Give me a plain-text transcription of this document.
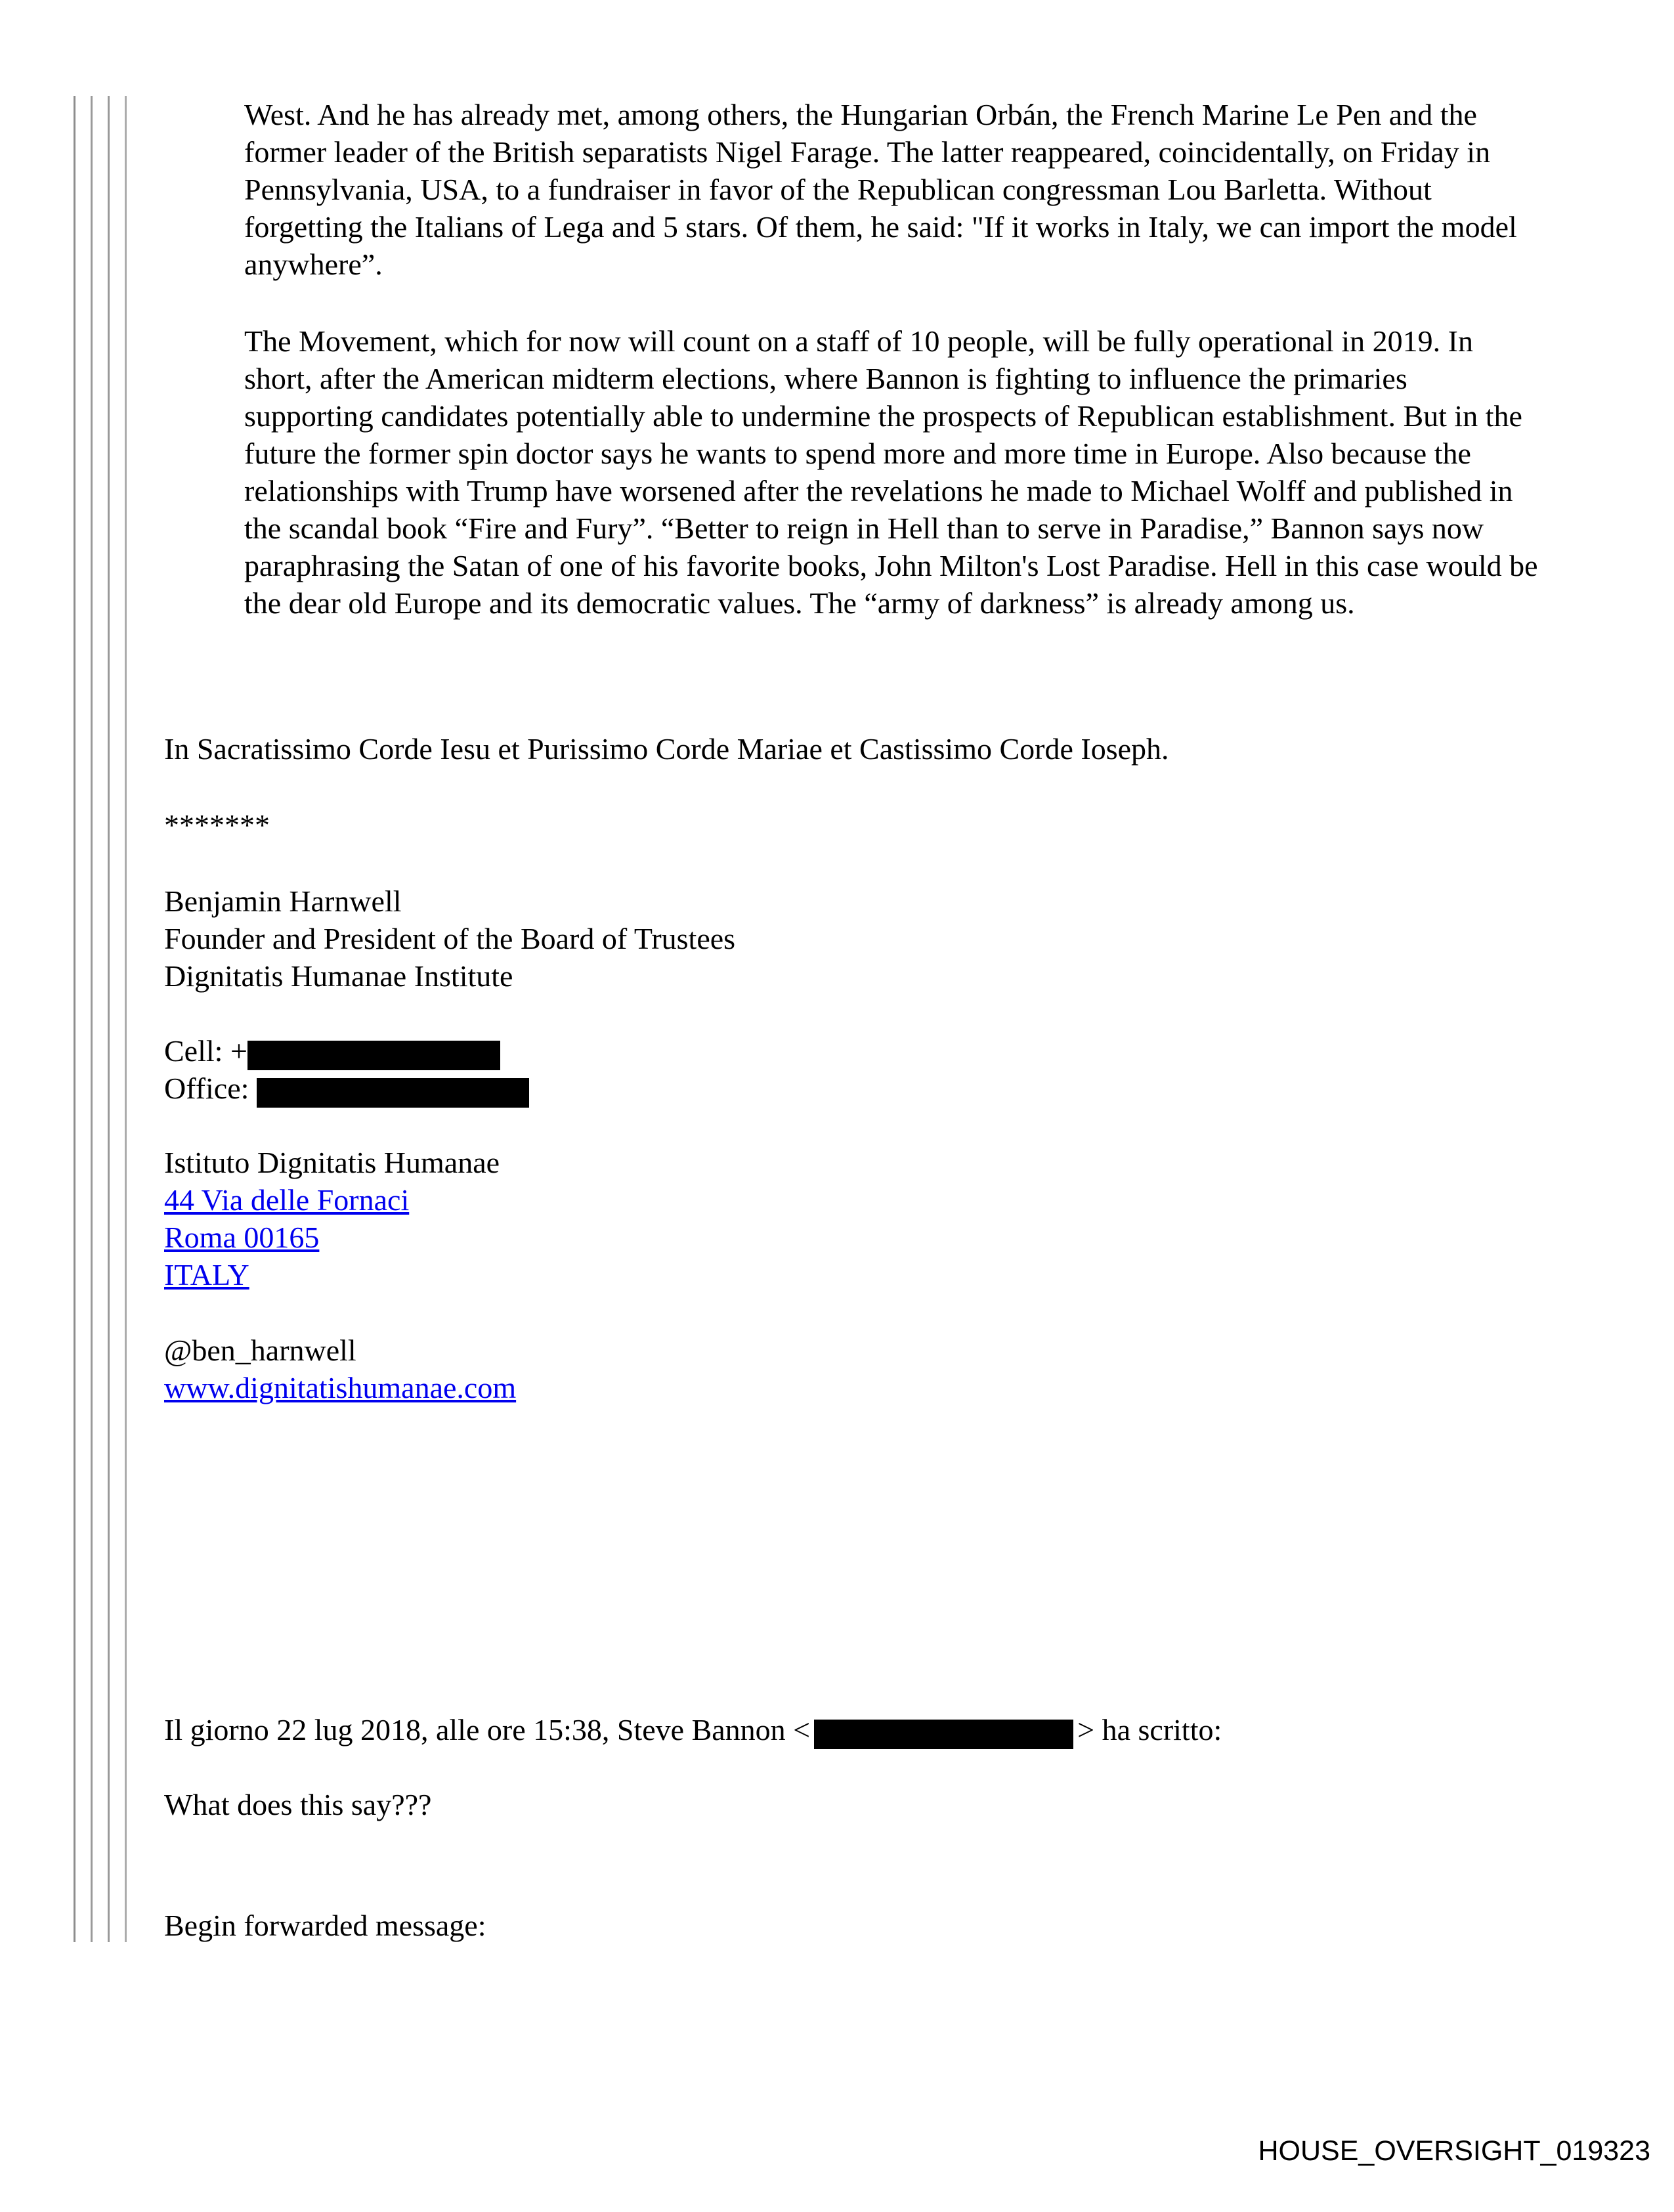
West. And he has already met, among others, the Hungarian Orbán, the French Marine Le Pen and the former leader of the British separatists Nigel Farage. The latter reappeared, coincidentally, on Friday in Pennsylvania, USA, to a fundraiser in favor of the Republican congressman Lou Barletta. Without forgetting the Italians of Lega and 5 stars. Of them, he said: "If it works in Italy, we can import the model anywhere”.

The Movement, which for now will count on a staff of 10 people, will be fully operational in 2019. In short, after the American midterm elections, where Bannon is fighting to influence the primaries supporting candidates potentially able to undermine the prospects of Republican establishment. But in the future the former spin doctor says he wants to spend more and more time in Europe. Also because the relationships with Trump have worsened after the revelations he made to Michael Wolff and published in the scandal book “Fire and Fury”. “Better to reign in Hell than to serve in Paradise,” Bannon says now paraphrasing the Satan of one of his favorite books, John Milton's Lost Paradise. Hell in this case would be the dear old Europe and its democratic values. The “army of darkness” is already among us.

In Sacratissimo Corde Iesu et Purissimo Corde Mariae et Castissimo Corde Ioseph.
*******
Benjamin Harnwell
Founder and President of the Board of Trustees
Dignitatis Humanae Institute
Cell: +
Office:
Istituto Dignitatis Humanae
44 Via delle Fornaci
Roma 00165
ITALY
@ben_harnwell
www.dignitatishumanae.com
Il giorno 22 lug 2018, alle ore 15:38, Steve Bannon <	> ha scritto:
What does this say???
Begin forwarded message:
HOUSE_OVERSIGHT_019323
